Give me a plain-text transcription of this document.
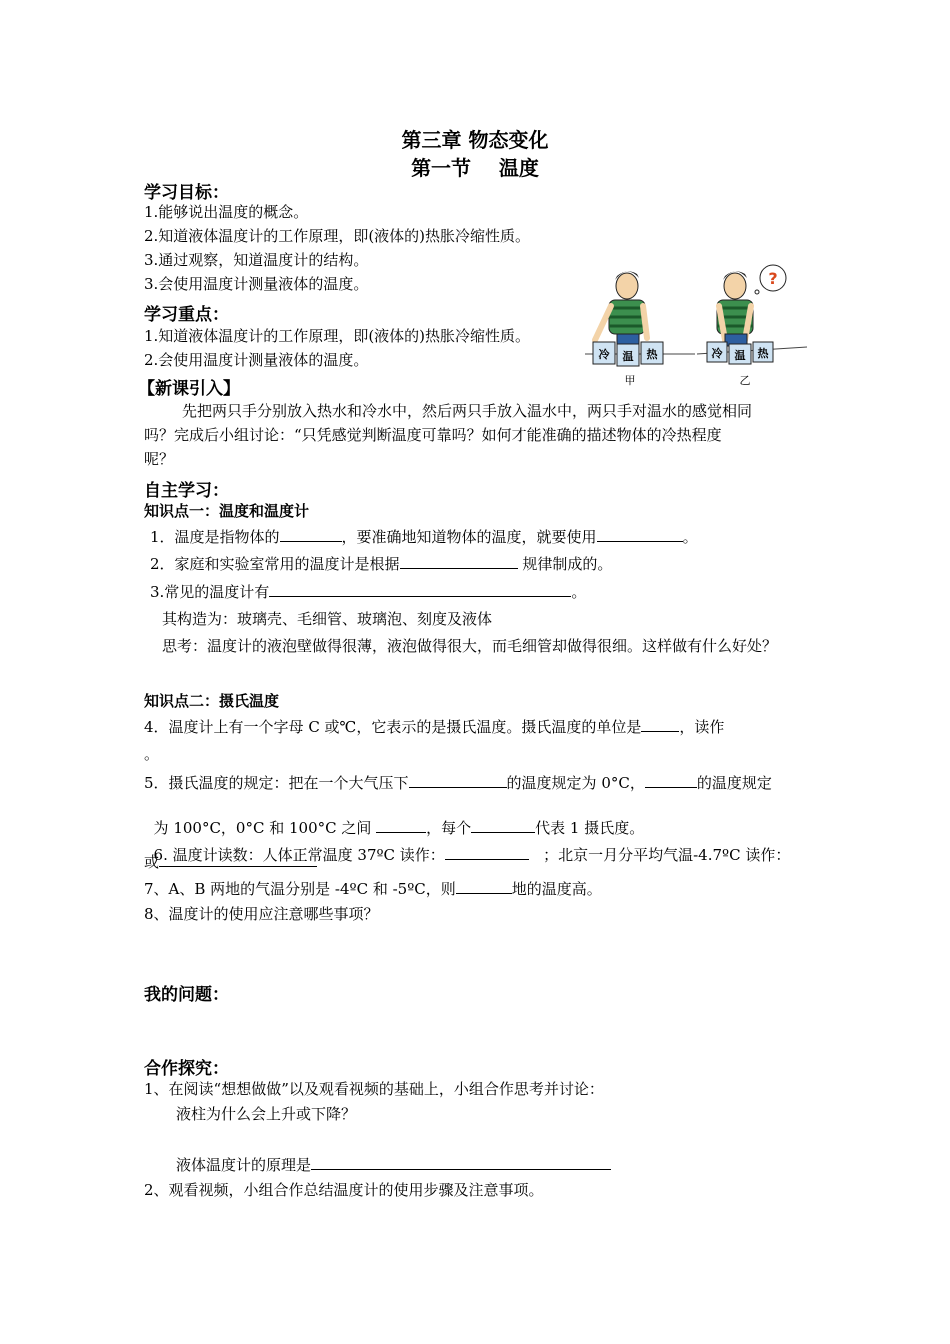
第三章 物态变化
第一节    温度
学习目标：
1.能够说出温度的概念。
2.知道液体温度计的工作原理，即(液体的)热胀冷缩性质。
3.通过观察，知道温度计的结构。
3.会使用温度计测量液体的温度。
学习重点：
1.知道液体温度计的工作原理，即(液体的)热胀冷缩性质。
2.会使用温度计测量液体的温度。	冷 温 热
甲
?
冷 温 热
乙
【新课引入】
先把两只手分别放入热水和冷水中，然后两只手放入温水中，两只手对温水的感觉相同
吗？完成后小组讨论：“只凭感觉判断温度可靠吗？如何才能准确的描述物体的冷热程度
呢？
自主学习：
知识点一：温度和温度计
1．温度是指物体的	，要准确地知道物体的温度，就要使用	。
2．家庭和实验室常用的温度计是根据	规律制成的。
3.常见的温度计有	。
其构造为：玻璃壳、毛细管、玻璃泡、刻度及液体
思考：温度计的液泡壁做得很薄，液泡做得很大，而毛细管却做得很细。这样做有什么好处？
知识点二：摄氏温度
4．温度计上有一个字母 C 或℃，它表示的是摄氏温度。摄氏温度的单位是	，读作
。
5．摄氏温度的规定：把在一个大气压下	的温度规定为 0°C，	的温度规定

为 100°C，0°C 和 100°C 之间	，每个	代表 1 摄氏度。

6. 温度计读数：人体正常温度 37ºC 读作：	；北京一月分平均气温-4.7ºC 读作：

或
7、A、B 两地的气温分别是 -4ºC 和 -5ºC，则	地的温度高。
8、温度计的使用应注意哪些事项？
我的问题：
合作探究：
1、在阅读“想想做做”以及观看视频的基础上，小组合作思考并讨论：
液柱为什么会上升或下降？
液体温度计的原理是
2、观看视频，小组合作总结温度计的使用步骤及注意事项。
